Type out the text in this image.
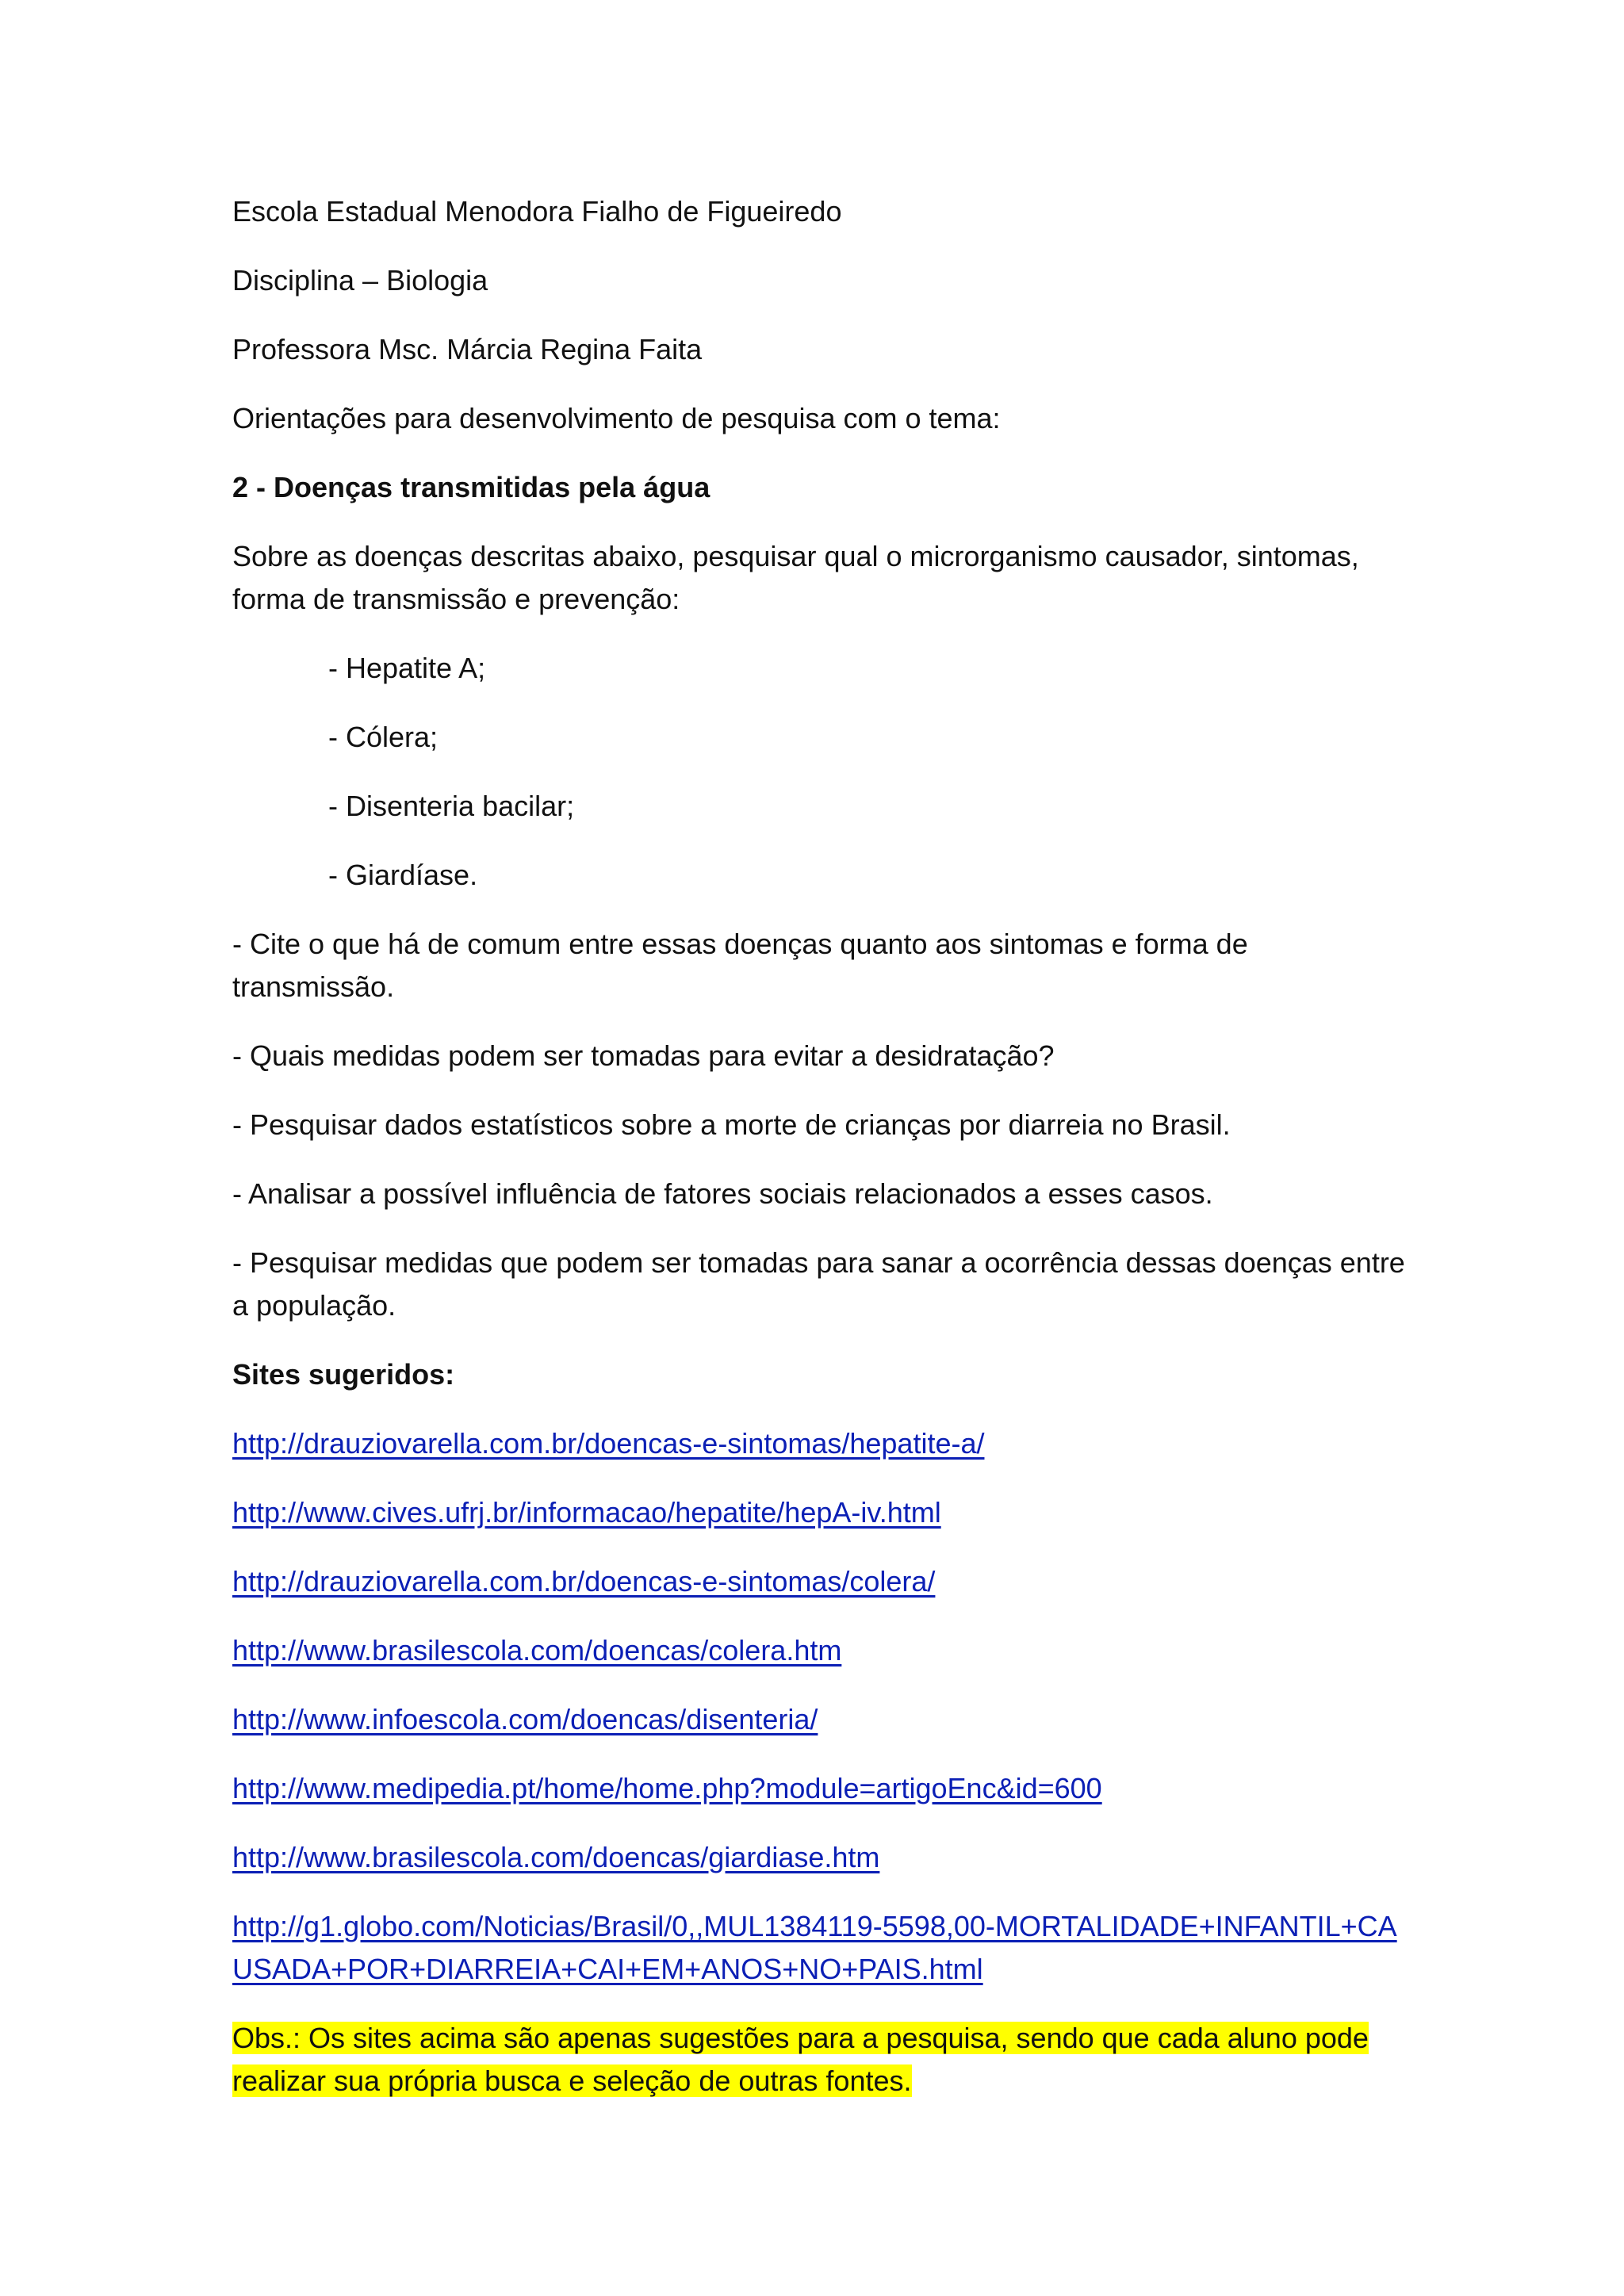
Escola Estadual Menodora Fialho de Figueiredo
Disciplina – Biologia
Professora Msc. Márcia Regina Faita
Orientações para desenvolvimento de pesquisa com o tema:
2 - Doenças transmitidas pela água
Sobre as doenças descritas abaixo, pesquisar qual o microrganismo causador, sintomas, forma de transmissão e prevenção:
- Hepatite A;
- Cólera;
- Disenteria bacilar;
- Giardíase.
- Cite o que há de comum entre essas doenças quanto aos sintomas e forma de transmissão.
- Quais medidas podem ser tomadas para evitar a desidratação?
- Pesquisar dados estatísticos sobre a morte de crianças por diarreia no Brasil.
- Analisar a possível influência de fatores sociais relacionados a esses casos.
- Pesquisar medidas que podem ser tomadas para sanar a ocorrência dessas doenças entre a população.
Sites sugeridos:
http://drauziovarella.com.br/doencas-e-sintomas/hepatite-a/
http://www.cives.ufrj.br/informacao/hepatite/hepA-iv.html
http://drauziovarella.com.br/doencas-e-sintomas/colera/
http://www.brasilescola.com/doencas/colera.htm
http://www.infoescola.com/doencas/disenteria/
http://www.medipedia.pt/home/home.php?module=artigoEnc&id=600
http://www.brasilescola.com/doencas/giardiase.htm
http://g1.globo.com/Noticias/Brasil/0,,MUL1384119-5598,00-MORTALIDADE+INFANTIL+CAUSADA+POR+DIARREIA+CAI+EM+ANOS+NO+PAIS.html
Obs.: Os sites acima são apenas sugestões para a pesquisa, sendo que cada aluno pode realizar sua própria busca e seleção de outras fontes.
